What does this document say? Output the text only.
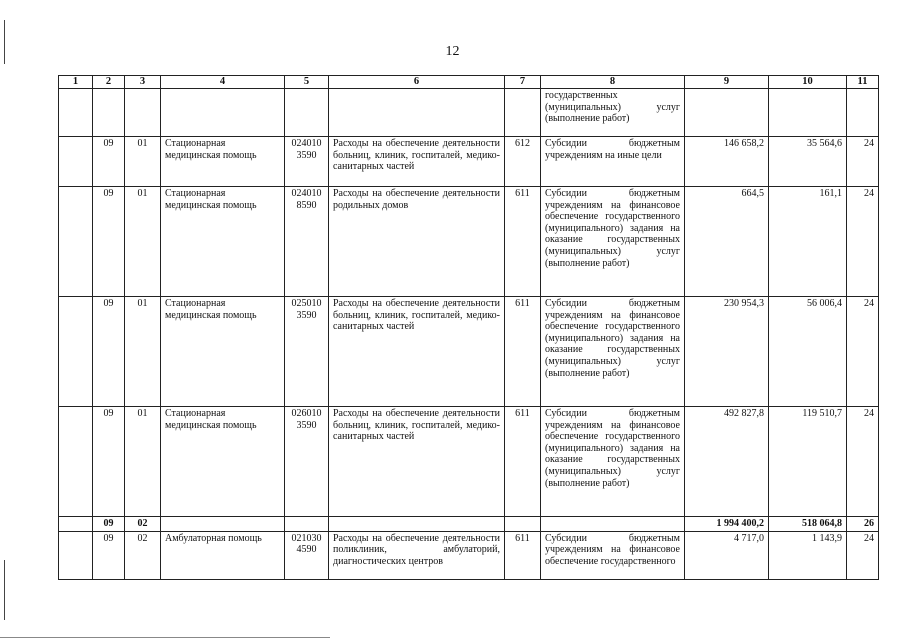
12
1	2	3	4	5	6	7	8	9	10	11
							государственных (муниципальных) услуг (выполнение работ)			
	09	01	Стационарная медицинская помощь	024010 3590	Расходы на обеспечение деятельности больниц, клиник, госпиталей, медико-санитарных частей	612	Субсидии бюджетным учреждениям на иные цели	146 658,2	35 564,6	24
	09	01	Стационарная медицинская помощь	024010 8590	Расходы на обеспечение деятельности родильных домов	611	Субсидии бюджетным учреждениям на финансовое обеспечение государственного (муниципального) задания на оказание государственных (муниципальных) услуг (выполнение работ)	664,5	161,1	24
	09	01	Стационарная медицинская помощь	025010 3590	Расходы на обеспечение деятельности больниц, клиник, госпиталей, медико-санитарных частей	611	Субсидии бюджетным учреждениям на финансовое обеспечение государственного (муниципального) задания на оказание государственных (муниципальных) услуг (выполнение работ)	230 954,3	56 006,4	24
	09	01	Стационарная медицинская помощь	026010 3590	Расходы на обеспечение деятельности больниц, клиник, госпиталей, медико-санитарных частей	611	Субсидии бюджетным учреждениям на финансовое обеспечение государственного (муниципального) задания на оказание государственных (муниципальных) услуг (выполнение работ)	492 827,8	119 510,7	24
	09	02						1 994 400,2	518 064,8	26
	09	02	Амбулаторная помощь	021030 4590	Расходы на обеспечение деятельности поликлиник, амбулаторий, диагностических центров	611	Субсидии бюджетным учреждениям на финансовое обеспечение государственного	4 717,0	1 143,9	24
